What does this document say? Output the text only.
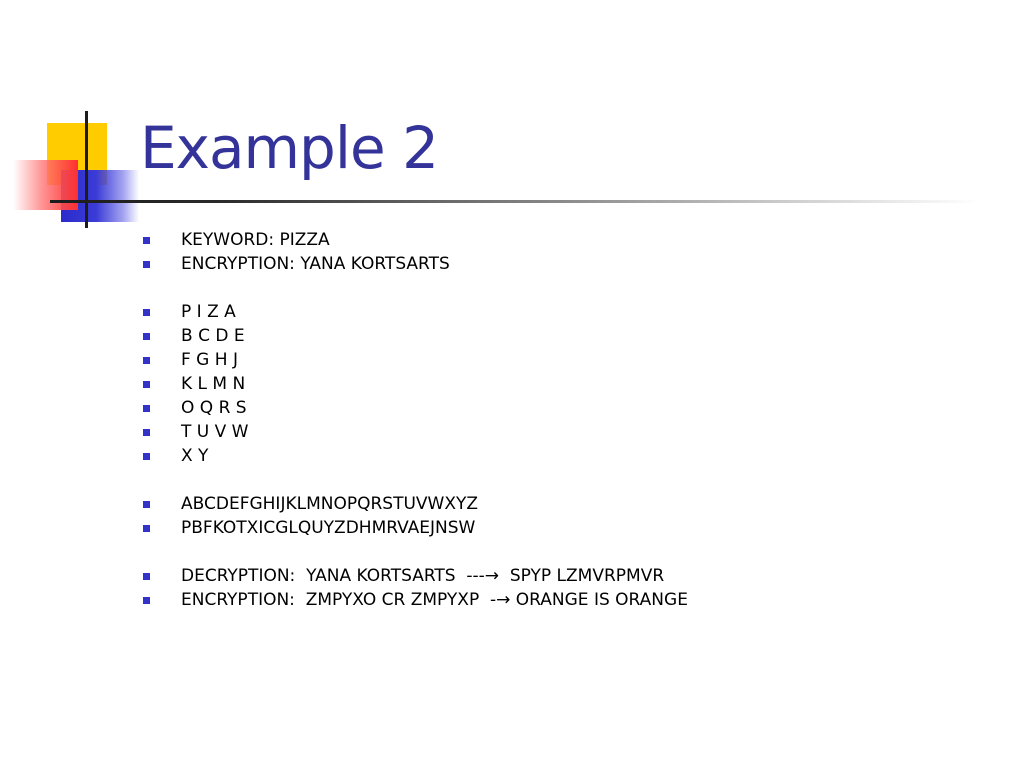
Example 2
KEYWORD: PIZZA
ENCRYPTION: YANA KORTSARTS
P I Z A
B C D E
F G H J
K L M N
O Q R S
T U V W
X Y
ABCDEFGHIJKLMNOPQRSTUVWXYZ
PBFKOTXICGLQUYZDHMRVAEJNSW
DECRYPTION:  YANA KORTSARTS  ---→  SPYP LZMVRPMVR
ENCRYPTION:  ZMPYXO CR ZMPYXP  -→ ORANGE IS ORANGE
